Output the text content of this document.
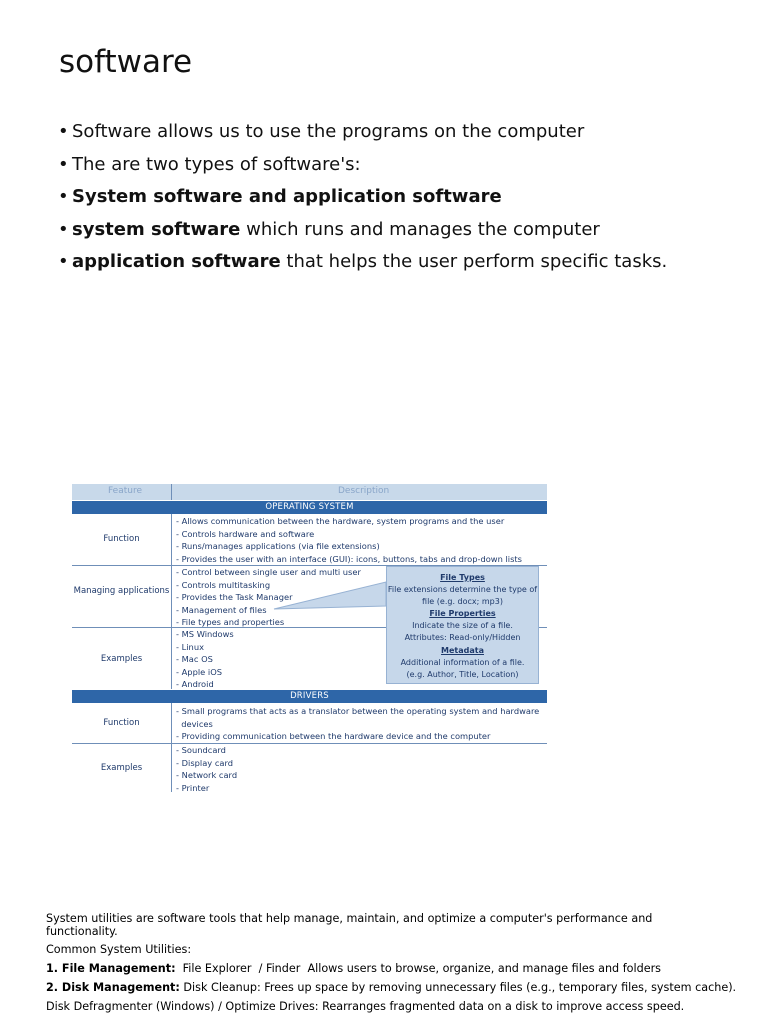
software
• Software allows us to use the programs on the computer
• The are two types of software's:
• System software and application software
• system software which runs and manages the computer
• application software that helps the user perform specific tasks.
Feature	Description
OPERATING SYSTEM
Function
- Allows communication between the hardware, system programs and the user
- Controls hardware and software
- Runs/manages applications (via file extensions)
- Provides the user with an interface (GUI): icons, buttons, tabs and drop-down lists
Managing applications
- Control between single user and multi user
- Controls multitasking
- Provides the Task Manager
- Management of files
- File types and properties
Examples
- MS Windows
- Linux
- Mac OS
- Apple iOS
- Android
DRIVERS
Function
- Small programs that acts as a translator between the operating system and hardware
devices
- Providing communication between the hardware device and the computer
Examples
- Soundcard
- Display card
- Network card
- Printer
File Types
File extensions determine the type of
file (e.g. docx; mp3)
File Properties
Indicate the size of a file.
Attributes: Read-only/Hidden
Metadata
Additional information of a file.
(e.g. Author, Title, Location)

System utilities are software tools that help manage, maintain, and optimize a computer's performance and functionality.

Common System Utilities:

1. File Management:  File Explorer  / Finder  Allows users to browse, organize, and manage files and folders

2. Disk Management: Disk Cleanup: Frees up space by removing unnecessary files (e.g., temporary files, system cache).

Disk Defragmenter (Windows) / Optimize Drives: Rearranges fragmented data on a disk to improve access speed.
